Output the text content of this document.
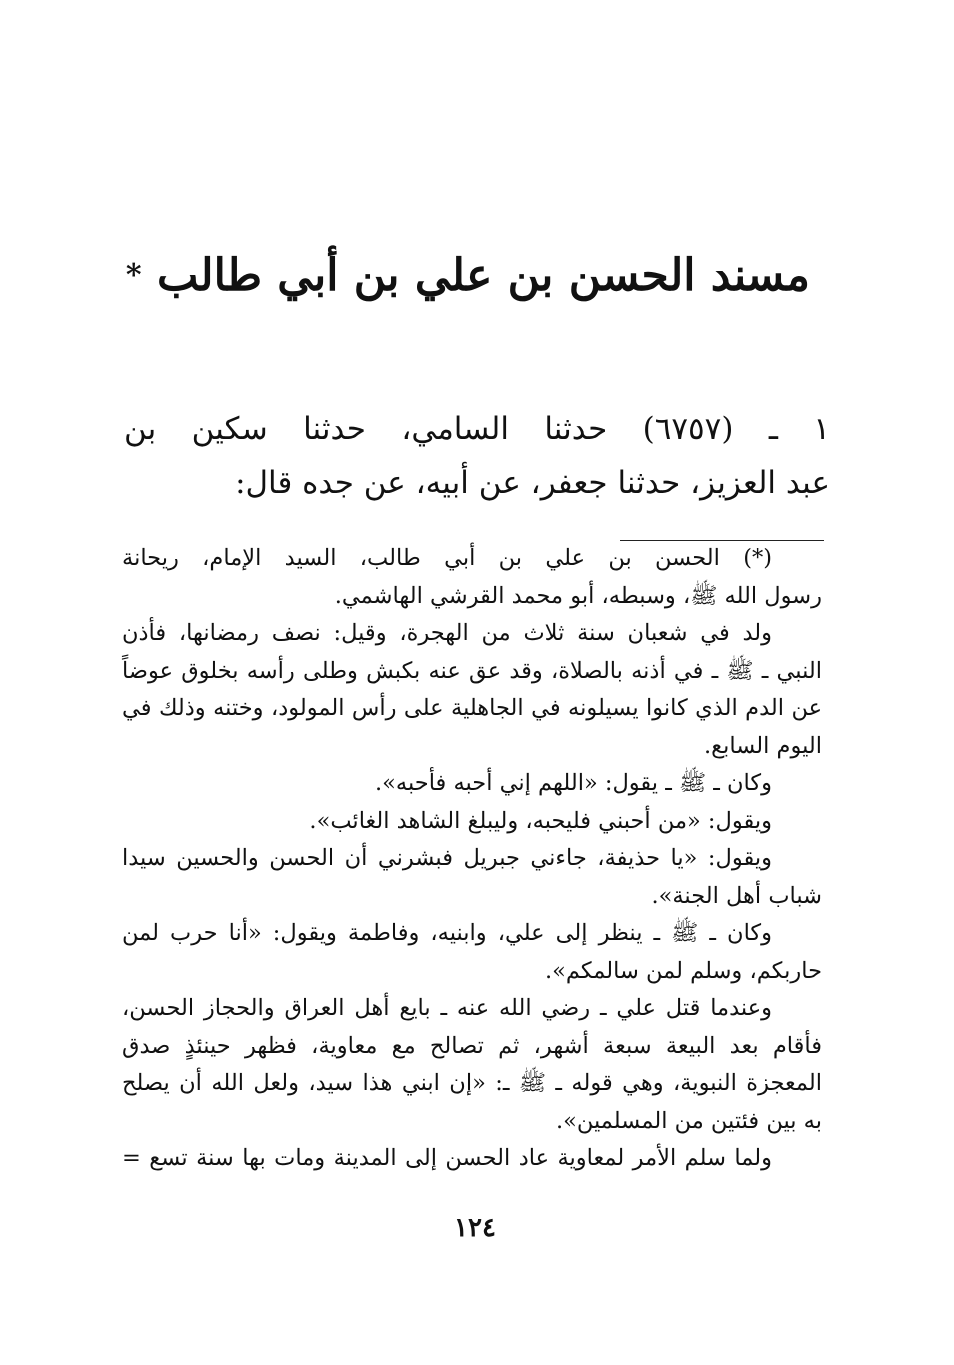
مسند الحسن بن علي بن أبي طالب *
١ ـ (٦٧٥٧) حدثنا السامي، حدثنا سكين بن
عبد العزيز، حدثنا جعفر، عن أبيه، عن جده قال:
(*) الحسن بن علي بن أبي طالب، السيد الإمام، ريحانة
رسول الله ﷺ، وسبطه، أبو محمد القرشي الهاشمي.
ولد في شعبان سنة ثلاث من الهجرة، وقيل: نصف رمضانها، فأذن
النبي ـ ﷺ ـ في أذنه بالصلاة، وقد عق عنه بكبش وطلى رأسه بخلوق عوضاً
عن الدم الذي كانوا يسيلونه في الجاهلية على رأس المولود، وختنه وذلك في
اليوم السابع.
وكان ـ ﷺ ـ يقول: «اللهم إني أحبه فأحبه».
ويقول: «من أحبني فليحبه، وليبلغ الشاهد الغائب».
ويقول: «يا حذيفة، جاءني جبريل فبشرني أن الحسن والحسين سيدا
شباب أهل الجنة».
وكان ـ ﷺ ـ ينظر إلى علي، وابنيه، وفاطمة ويقول: «أنا حرب لمن
حاربكم، وسلم لمن سالمكم».
وعندما قتل علي ـ رضي الله عنه ـ بايع أهل العراق والحجاز الحسن،
فأقام بعد البيعة سبعة أشهر، ثم تصالح مع معاوية، فظهر حينئذٍ صدق
المعجزة النبوية، وهي قوله ـ ﷺ ـ: «إن ابني هذا سيد، ولعل الله أن يصلح
به بين فئتين من المسلمين».
ولما سلم الأمر لمعاوية عاد الحسن إلى المدينة ومات بها سنة تسع =
١٢٤
